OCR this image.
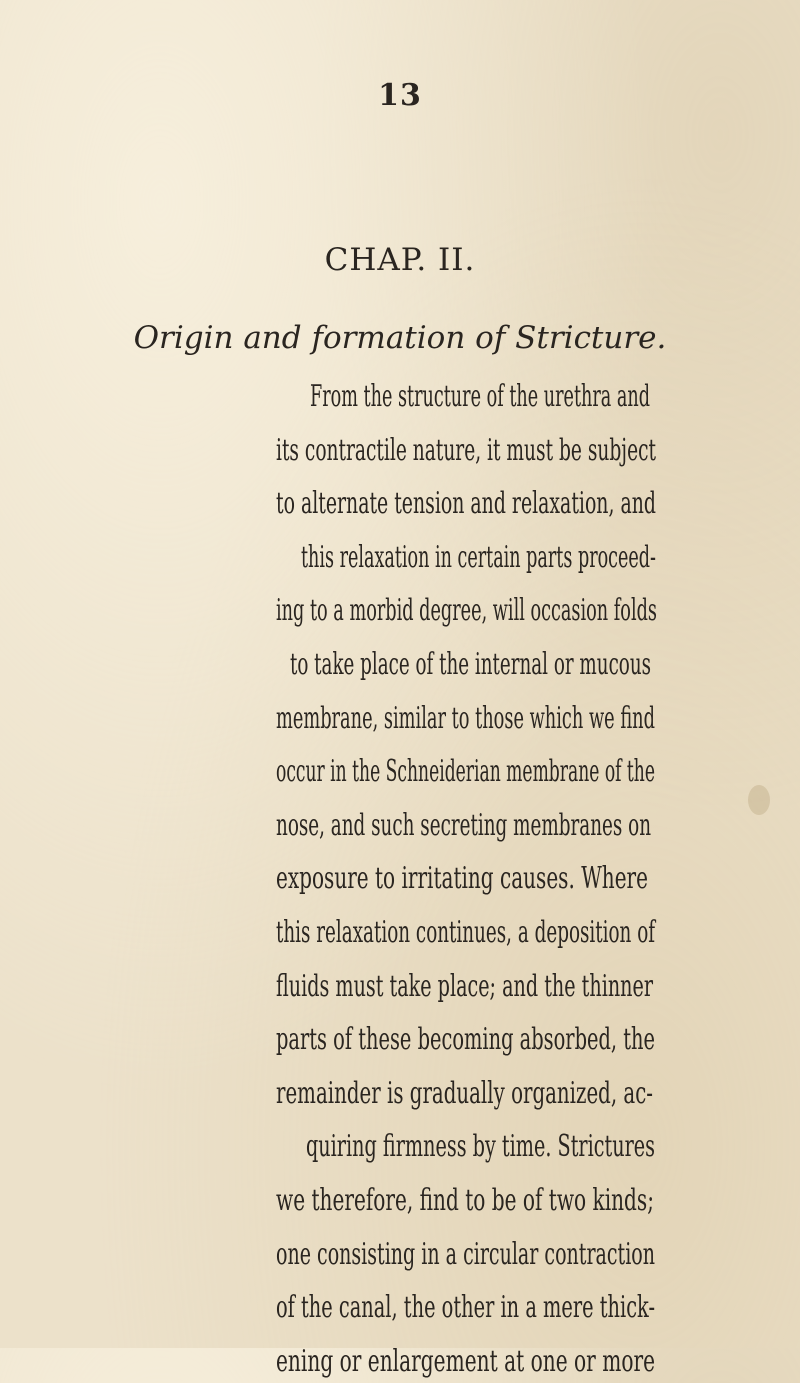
13
CHAP. II.
Origin and formation of Stricture.
From the structure of the urethra and
its contractile nature, it must be subject
to alternate tension and relaxation, and
this relaxation in certain parts proceed-
ing to a morbid degree, will occasion folds
to take place of the internal or mucous
membrane, similar to those which we find
occur in the Schneiderian membrane of the
nose, and such secreting membranes on
exposure to irritating causes. Where
this relaxation continues, a deposition of
fluids must take place; and the thinner
parts of these becoming absorbed, the
remainder is gradually organized, ac-
quiring firmness by time. Strictures
we therefore, find to be of two kinds;
one consisting in a circular contraction
of the canal, the other in a mere thick-
ening or enlargement at one or more
